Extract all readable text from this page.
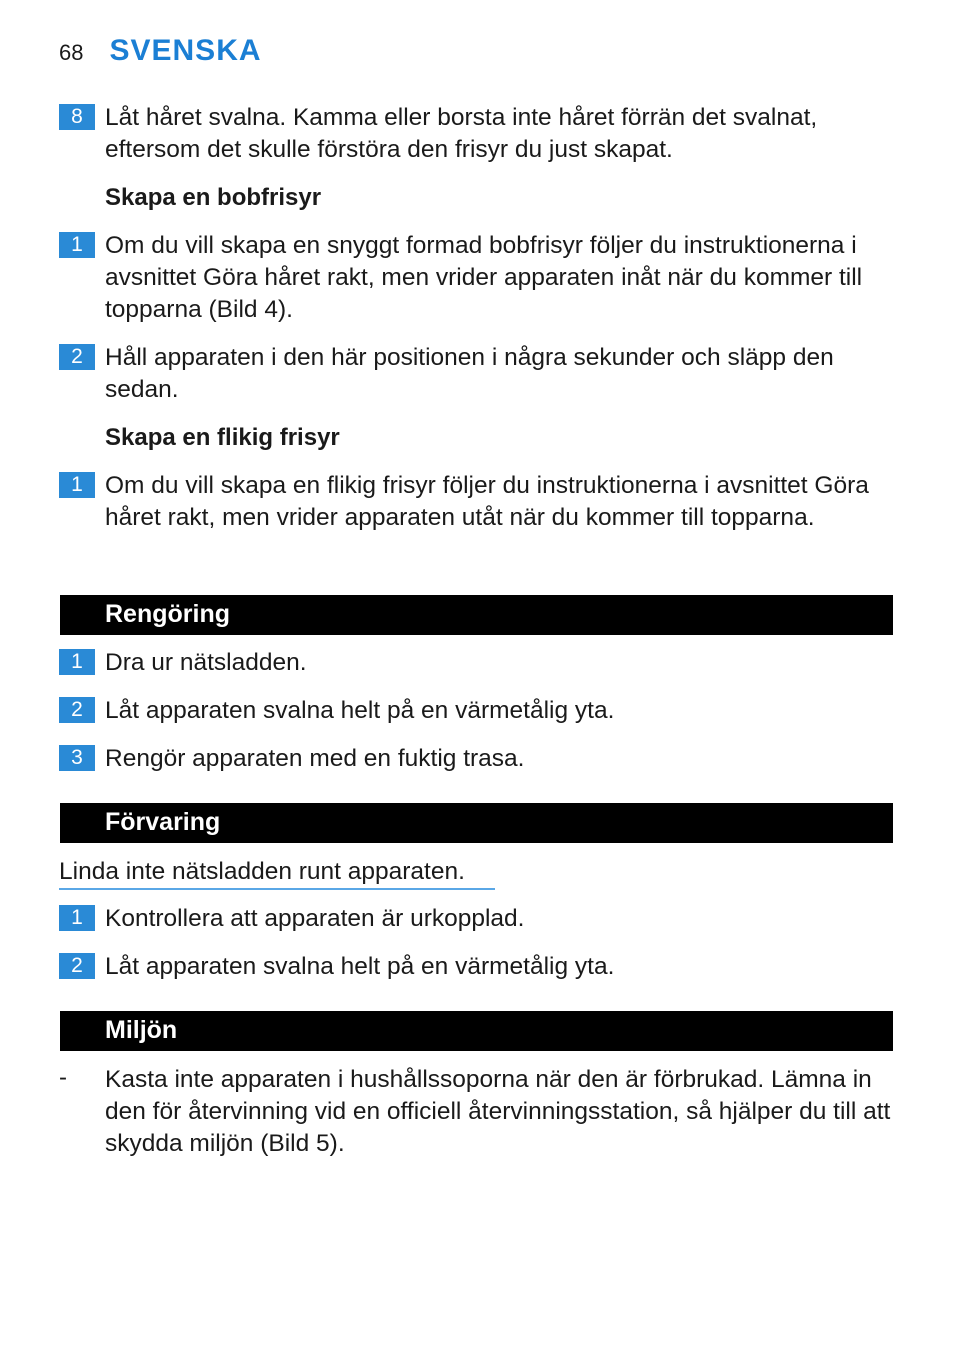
68 SVENSKA
8 Låt håret svalna. Kamma eller borsta inte håret förrän det svalnat, eftersom det skulle förstöra den frisyr du just skapat.
Skapa en bobfrisyr
1 Om du vill skapa en snyggt formad bobfrisyr följer du instruktionerna i avsnittet Göra håret rakt, men vrider apparaten inåt när du kommer till topparna (Bild 4).
2 Håll apparaten i den här positionen i några sekunder och släpp den sedan.
Skapa en flikig frisyr
1 Om du vill skapa en flikig frisyr följer du instruktionerna i avsnittet Göra håret rakt, men vrider apparaten utåt när du kommer till topparna.
Rengöring
1 Dra ur nätsladden.
2 Låt apparaten svalna helt på en värmetålig yta.
3 Rengör apparaten med en fuktig trasa.
Förvaring
Linda inte nätsladden runt apparaten.
1 Kontrollera att apparaten är urkopplad.
2 Låt apparaten svalna helt på en värmetålig yta.
Miljön
-	Kasta inte apparaten i hushållssoporna när den är förbrukad. Lämna in den för återvinning vid en officiell återvinningsstation, så hjälper du till att skydda miljön (Bild 5).
